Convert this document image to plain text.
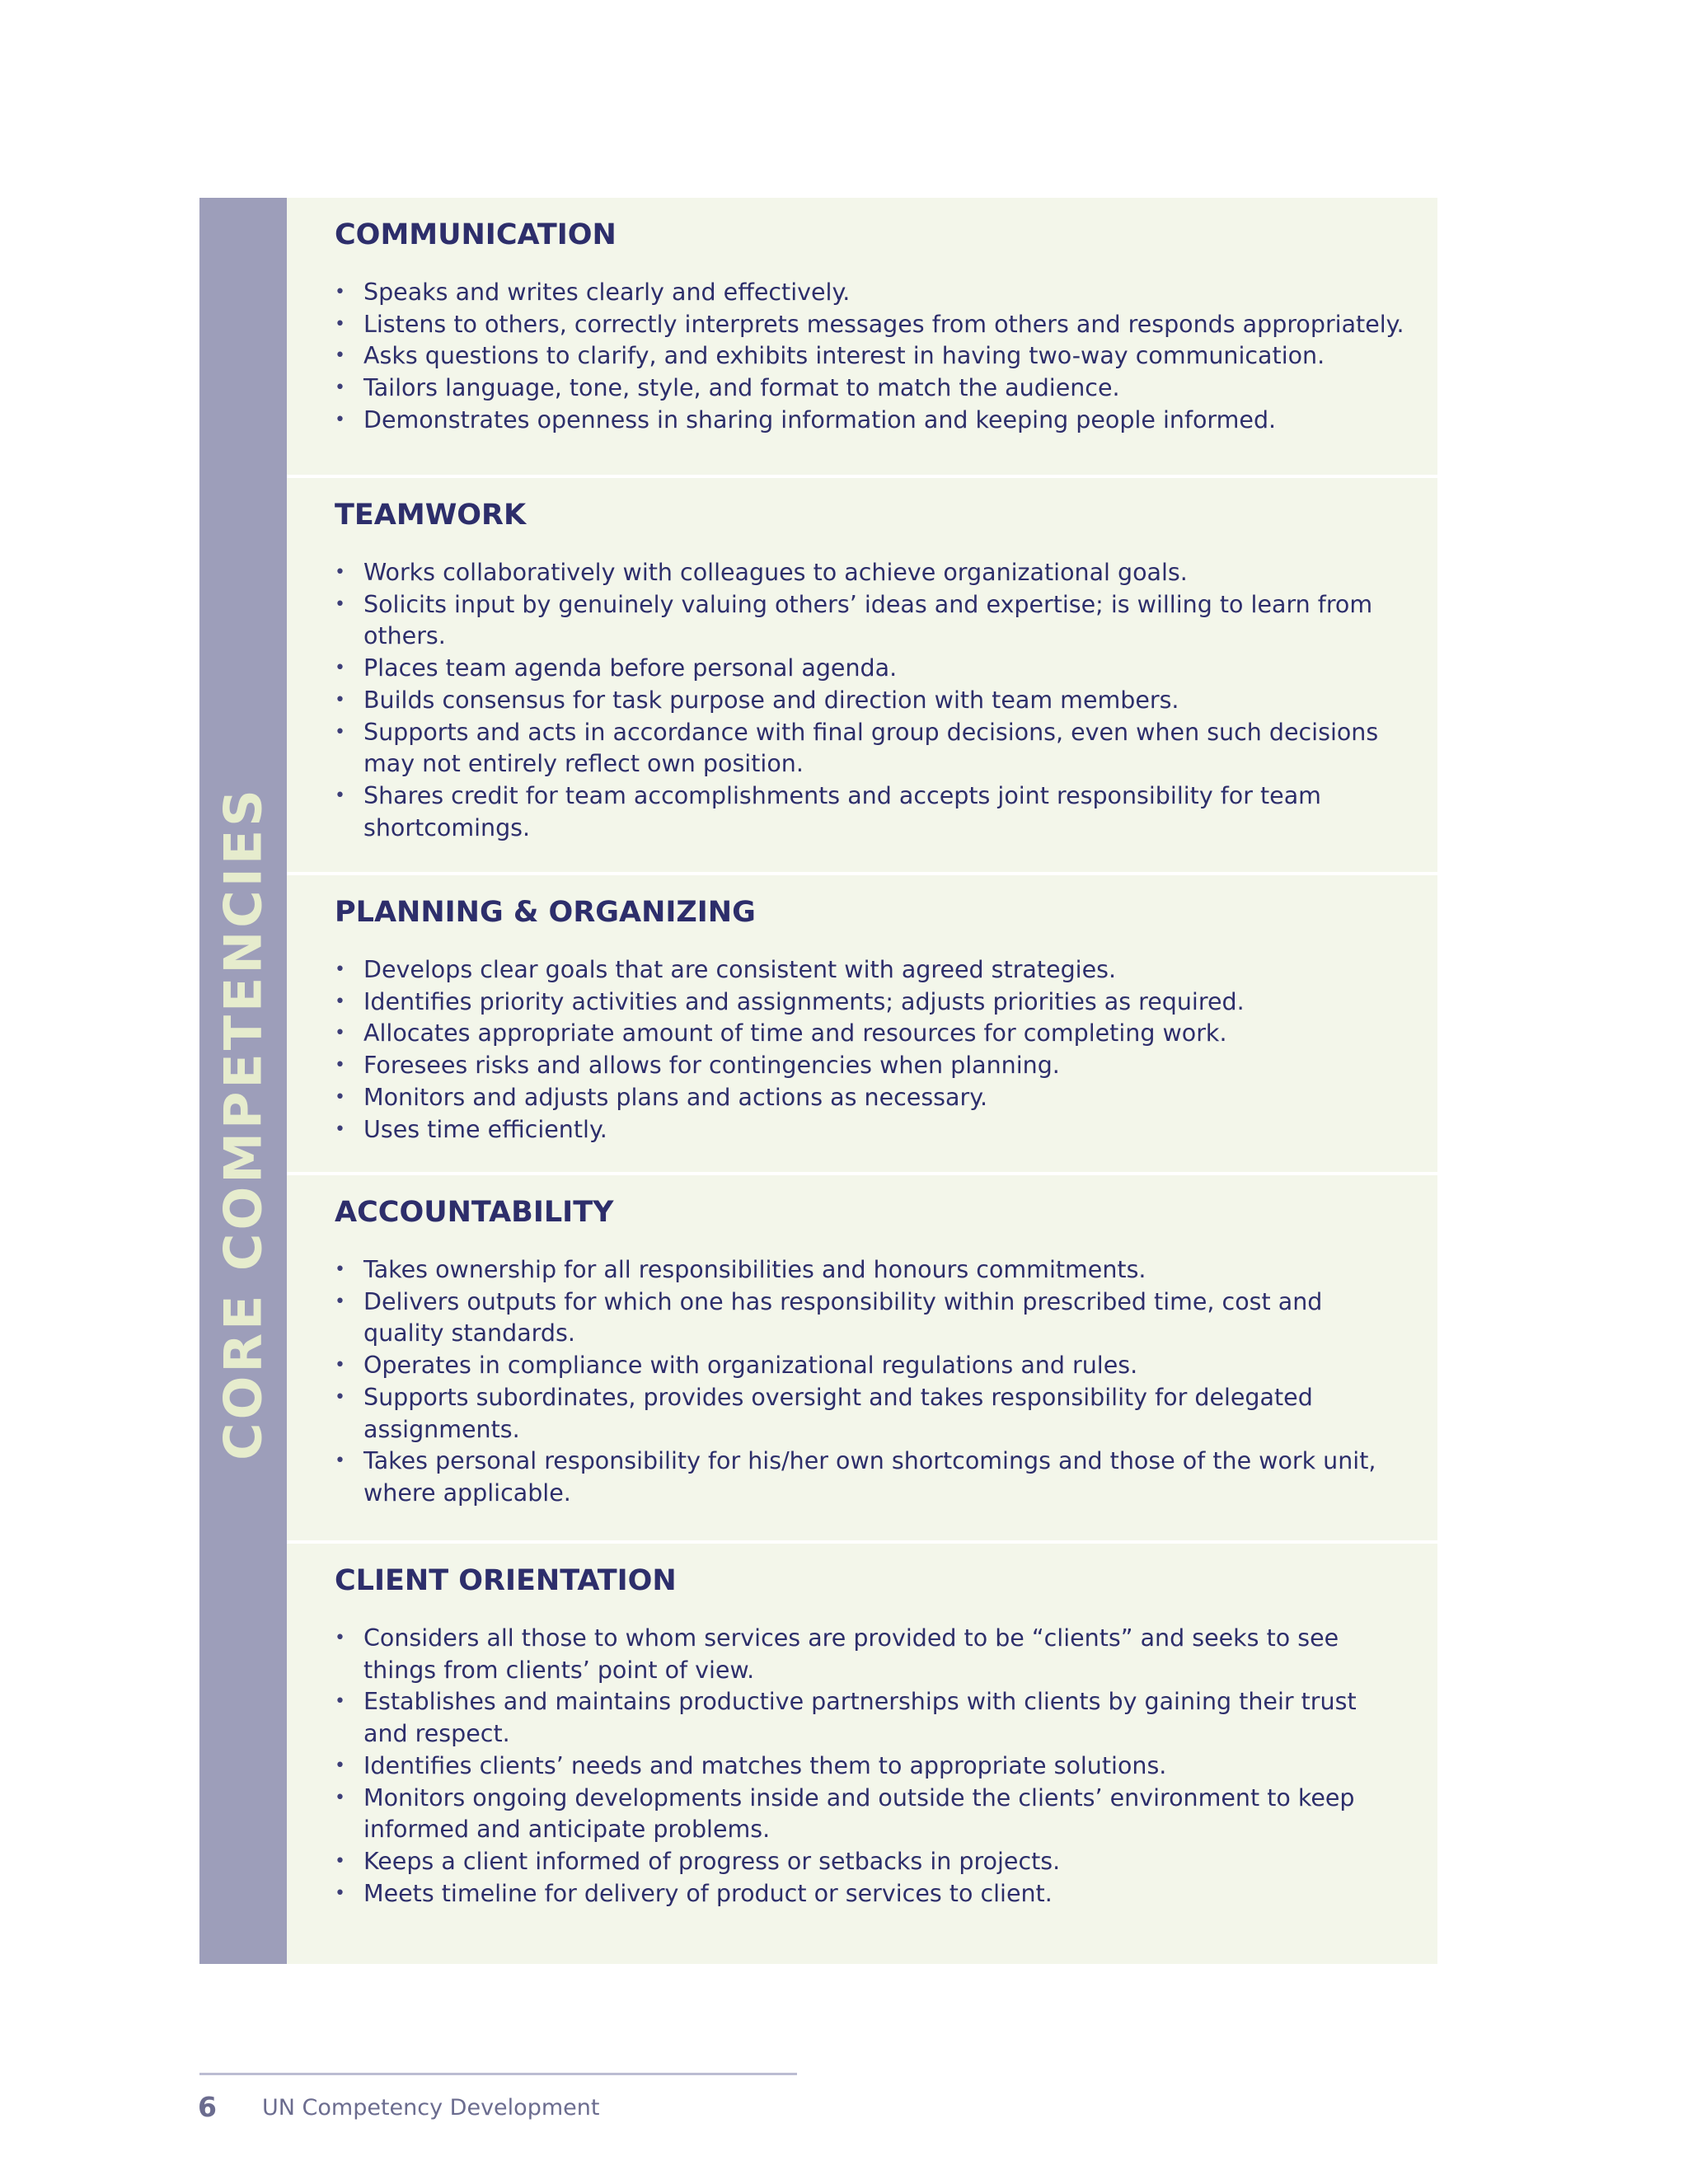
CORE COMPETENCIES
COMMUNICATION
• Speaks and writes clearly and effectively.
• Listens to others, correctly interprets messages from others and responds appropriately.
• Asks questions to clarify, and exhibits interest in having two-way communication.
• Tailors language, tone, style, and format to match the audience.
• Demonstrates openness in sharing information and keeping people informed.
TEAMWORK
• Works collaboratively with colleagues to achieve organizational goals.
• Solicits input by genuinely valuing others’ ideas and expertise; is willing to learn from others.
• Places team agenda before personal agenda.
• Builds consensus for task purpose and direction with team members.
• Supports and acts in accordance with final group decisions, even when such decisions may not entirely reflect own position.
• Shares credit for team accomplishments and accepts joint responsibility for team shortcomings.
PLANNING & ORGANIZING
• Develops clear goals that are consistent with agreed strategies.
• Identifies priority activities and assignments; adjusts priorities as required.
• Allocates appropriate amount of time and resources for completing work.
• Foresees risks and allows for contingencies when planning.
• Monitors and adjusts plans and actions as necessary.
• Uses time efficiently.
ACCOUNTABILITY
• Takes ownership for all responsibilities and honours commitments.
• Delivers outputs for which one has responsibility within prescribed time, cost and quality standards.
• Operates in compliance with organizational regulations and rules.
• Supports subordinates, provides oversight and takes responsibility for delegated assignments.
• Takes personal responsibility for his/her own shortcomings and those of the work unit, where applicable.
CLIENT ORIENTATION
• Considers all those to whom services are provided to be “clients” and seeks to see things from clients’ point of view.
• Establishes and maintains productive partnerships with clients by gaining their trust and respect.
• Identifies clients’ needs and matches them to appropriate solutions.
• Monitors ongoing developments inside and outside the clients’ environment to keep informed and anticipate problems.
• Keeps a client informed of progress or setbacks in projects.
• Meets timeline for delivery of product or services to client.
6 UN Competency Development
